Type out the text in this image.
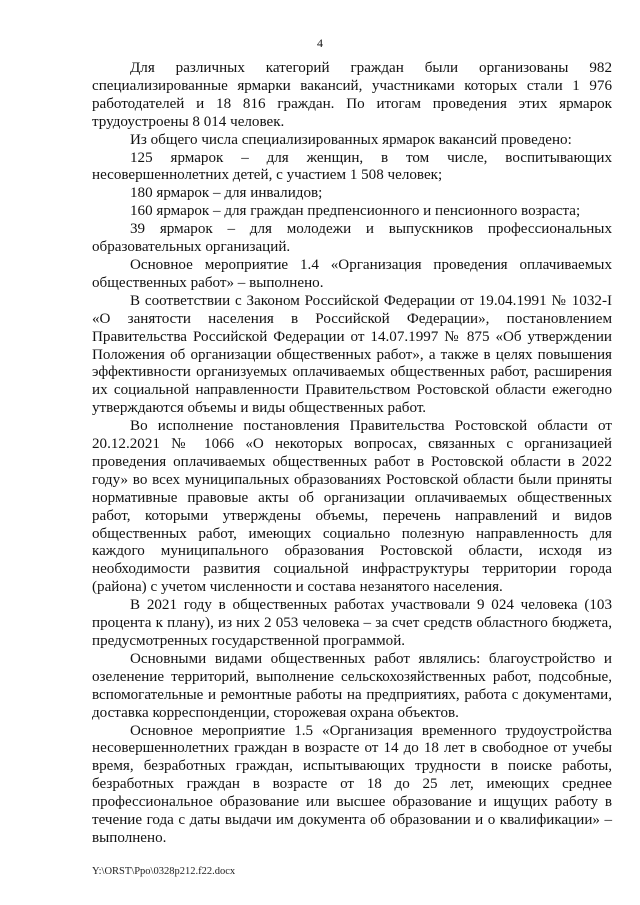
4

Для различных категорий граждан были организованы 982 специализированные ярмарки вакансий, участниками которых стали 1 976 работодателей и 18 816 граждан. По итогам проведения этих ярмарок трудоустроены 8 014 человек.

Из общего числа специализированных ярмарок вакансий проведено:

125 ярмарок – для женщин, в том числе, воспитывающих несовершеннолетних детей, с участием 1 508 человек;

180 ярмарок – для инвалидов;

160 ярмарок – для граждан предпенсионного и пенсионного возраста;

39 ярмарок – для молодежи и выпускников профессиональных образовательных организаций.

Основное мероприятие 1.4 «Организация проведения оплачиваемых общественных работ» – выполнено.

В соответствии с Законом Российской Федерации от 19.04.1991 № 1032-I «О занятости населения в Российской Федерации», постановлением Правительства Российской Федерации от 14.07.1997 № 875 «Об утверждении Положения об организации общественных работ», а также в целях повышения эффективности организуемых оплачиваемых общественных работ, расширения их социальной направленности Правительством Ростовской области ежегодно утверждаются объемы и виды общественных работ.

Во исполнение постановления Правительства Ростовской области от 20.12.2021 № 1066 «О некоторых вопросах, связанных с организацией проведения оплачиваемых общественных работ в Ростовской области в 2022 году» во всех муниципальных образованиях Ростовской области были приняты нормативные правовые акты об организации оплачиваемых общественных работ, которыми утверждены объемы, перечень направлений и видов общественных работ, имеющих социально полезную направленность для каждого муниципального образования Ростовской области, исходя из необходимости развития социальной инфраструктуры территории города (района) с учетом численности и состава незанятого населения.

В 2021 году в общественных работах участвовали 9 024 человека (103 процента к плану), из них 2 053 человека – за счет средств областного бюджета, предусмотренных государственной программой.

Основными видами общественных работ являлись: благоустройство и озеленение территорий, выполнение сельскохозяйственных работ, подсобные, вспомогательные и ремонтные работы на предприятиях, работа с документами, доставка корреспонденции, сторожевая охрана объектов.

Основное мероприятие 1.5 «Организация временного трудоустройства несовершеннолетних граждан в возрасте от 14 до 18 лет в свободное от учебы время, безработных граждан, испытывающих трудности в поиске работы, безработных граждан в возрасте от 18 до 25 лет, имеющих среднее профессиональное образование или высшее образование и ищущих работу в течение года с даты выдачи им документа об образовании и о квалификации» – выполнено.

Y:\ORST\Ppo\0328p212.f22.docx
